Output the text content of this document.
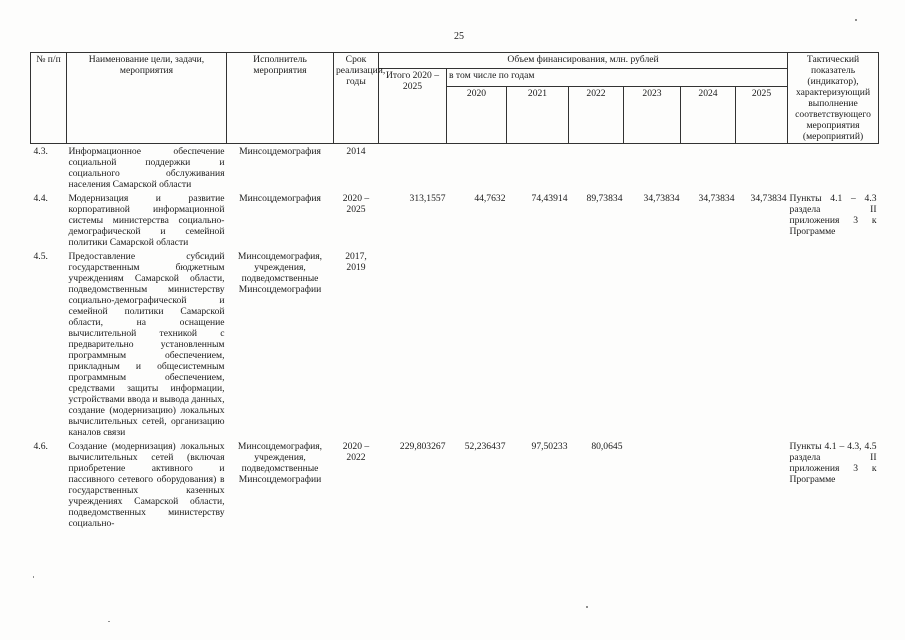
25
№ п/п	Наименование цели, задачи, мероприятия	Исполнитель мероприятия	Срок реализации, годы	Объем финансирования, млн. рублей							Тактический показатель (индикатор), характеризующий выполнение соответствующего мероприятия (мероприятий)
				Итого 2020 – 2025	в том числе по годам						
					2020	2021	2022	2023	2024	2025	
4.3.	Информационное обеспечение социальной поддержки и социального обслуживания населения Самарской области	Минсоцдемография	2014								
4.4.	Модернизация и развитие корпоративной информационной системы министерства социально-демографической и семейной политики Самарской области	Минсоцдемография	2020 – 2025	313,1557	44,7632	74,43914	89,73834	34,73834	34,73834	34,73834	Пункты 4.1 – 4.3 раздела II приложения 3 к Программе
4.5.	Предоставление субсидий государственным бюджетным учреждениям Самарской области, подведомственным министерству социально-демографической и семейной политики Самарской области, на оснащение вычислительной техникой с предварительно установленным программным обеспечением, прикладным и общесистемным программным обеспечением, средствами защиты информации, устройствами ввода и вывода данных, создание (модернизацию) локальных вычислительных сетей, организацию каналов связи	Минсоцдемография, учреждения, подведомственные Минсоцдемографии	2017, 2019								
4.6.	Создание (модернизация) локальных вычислительных сетей (включая приобретение активного и пассивного сетевого оборудования) в государственных казенных учреждениях Самарской области, подведомственных министерству социально-	Минсоцдемография, учреждения, подведомственные Минсоцдемографии	2020 – 2022	229,803267	52,236437	97,50233	80,0645				Пункты 4.1 – 4.3, 4.5 раздела II приложения 3 к Программе
